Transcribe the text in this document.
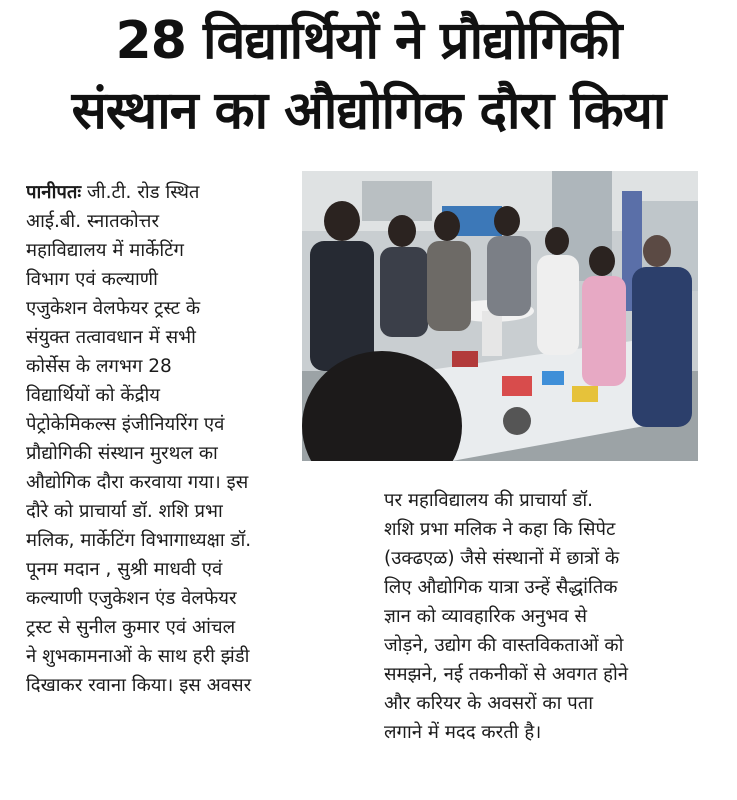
28 विद्यार्थियों ने प्रौद्योगिकी
संस्थान का औद्योगिक दौरा किया
पानीपतः जी.टी. रोड स्थित
आई.बी. स्नातकोत्तर
महाविद्यालय में मार्केटिंग
विभाग एवं कल्याणी
एजुकेशन वेलफेयर ट्रस्ट के
संयुक्त तत्वावधान में सभी
कोर्सेस के लगभग 28
विद्यार्थियों को केंद्रीय
पेट्रोकेमिकल्स इंजीनियरिंग एवं
प्रौद्योगिकी संस्थान मुरथल का
औद्योगिक दौरा करवाया गया। इस
दौरे को प्राचार्या डॉ. शशि प्रभा
मलिक, मार्केटिंग विभागाध्यक्षा डॉ.
पूनम मदान , सुश्री माधवी एवं
कल्याणी एजुकेशन एंड वेलफेयर
ट्रस्ट से सुनील कुमार एवं आंचल
ने शुभकामनाओं के साथ हरी झंडी
दिखाकर रवाना किया। इस अवसर
पर महाविद्यालय की प्राचार्या डॉ.
शशि प्रभा मलिक ने कहा कि सिपेट
(उक्ढएळ) जैसे संस्थानों में छात्रों के
लिए औद्योगिक यात्रा उन्हें सैद्धांतिक
ज्ञान को व्यावहारिक अनुभव से
जोड़ने, उद्योग की वास्तविकताओं को
समझने, नई तकनीकों से अवगत होने
और करियर के अवसरों का पता
लगाने में मदद करती है।
